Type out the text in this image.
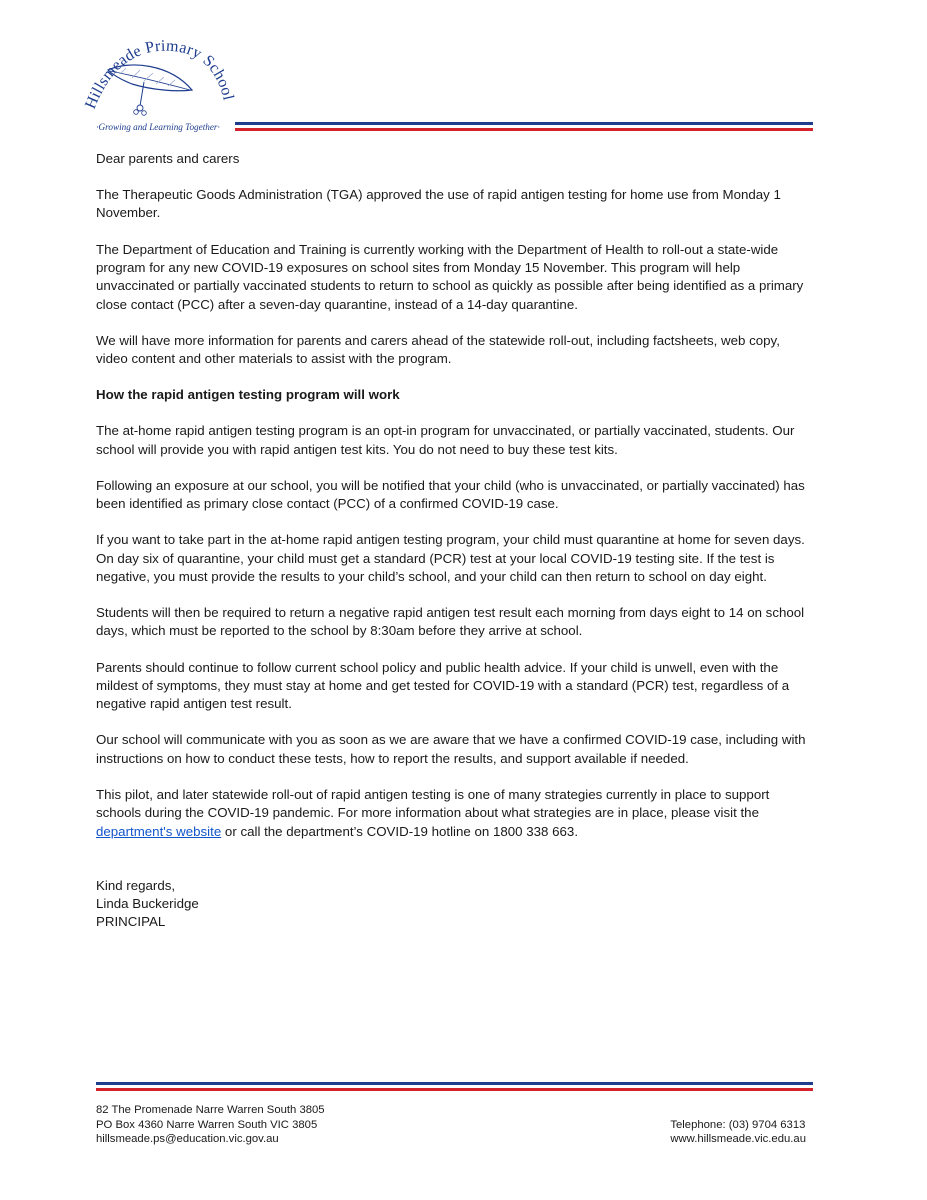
Hillsmeade Primary School
·Growing and Learning Together·

Dear parents and carers

The Therapeutic Goods Administration (TGA) approved the use of rapid antigen testing for home use from Monday 1 November.

The Department of Education and Training is currently working with the Department of Health to roll-out a state-wide program for any new COVID-19 exposures on school sites from Monday 15 November. This program will help unvaccinated or partially vaccinated students to return to school as quickly as possible after being identified as a primary close contact (PCC) after a seven-day quarantine, instead of a 14-day quarantine.

We will have more information for parents and carers ahead of the statewide roll-out, including factsheets, web copy, video content and other materials to assist with the program.

How the rapid antigen testing program will work

The at-home rapid antigen testing program is an opt-in program for unvaccinated, or partially vaccinated, students. Our school will provide you with rapid antigen test kits. You do not need to buy these test kits.

Following an exposure at our school, you will be notified that your child (who is unvaccinated, or partially vaccinated) has been identified as primary close contact (PCC) of a confirmed COVID-19 case.

If you want to take part in the at-home rapid antigen testing program, your child must quarantine at home for seven days. On day six of quarantine, your child must get a standard (PCR) test at your local COVID-19 testing site. If the test is negative, you must provide the results to your child’s school, and your child can then return to school on day eight.

Students will then be required to return a negative rapid antigen test result each morning from days eight to 14 on school days, which must be reported to the school by 8:30am before they arrive at school.

Parents should continue to follow current school policy and public health advice. If your child is unwell, even with the mildest of symptoms, they must stay at home and get tested for COVID-19 with a standard (PCR) test, regardless of a negative rapid antigen test result.

Our school will communicate with you as soon as we are aware that we have a confirmed COVID-19 case, including with instructions on how to conduct these tests, how to report the results, and support available if needed.

This pilot, and later statewide roll-out of rapid antigen testing is one of many strategies currently in place to support schools during the COVID-19 pandemic. For more information about what strategies are in place, please visit the department's website or call the department’s COVID-19 hotline on 1800 338 663.

Kind regards,

Linda Buckeridge

PRINCIPAL

82 The Promenade Narre Warren South 3805
PO Box 4360 Narre Warren South VIC 3805
hillsmeade.ps@education.vic.gov.au
Telephone: (03) 9704 6313
www.hillsmeade.vic.edu.au
